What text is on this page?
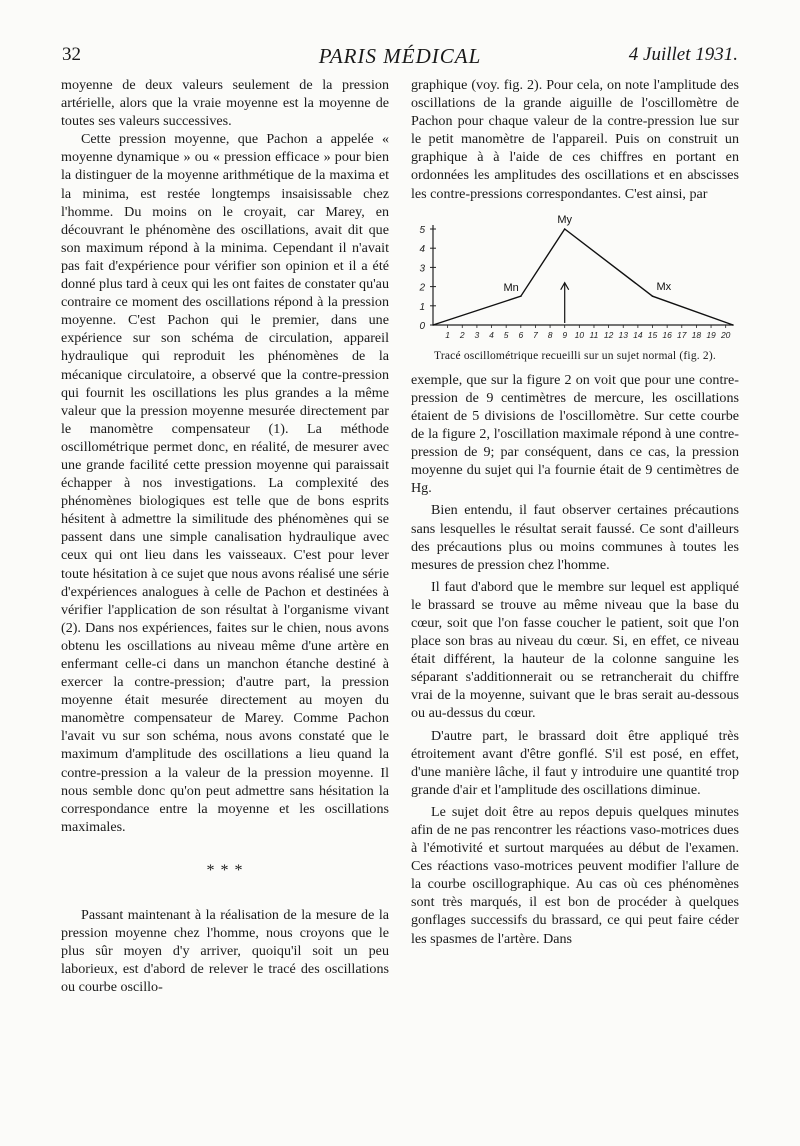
32	PARIS MÉDICAL	4 Juillet 1931.

moyenne de deux valeurs seulement de la pression artérielle, alors que la vraie moyenne est la moyenne de toutes ses valeurs successives.

Cette pression moyenne, que Pachon a appelée « moyenne dynamique » ou « pression efficace » pour bien la distinguer de la moyenne arithmétique de la maxima et la minima, est restée longtemps insaisissable chez l'homme. Du moins on le croyait, car Marey, en découvrant le phénomène des oscillations, avait dit que son maximum répond à la minima. Cependant il n'avait pas fait d'expérience pour vérifier son opinion et il a été donné plus tard à ceux qui les ont faites de constater qu'au contraire ce moment des oscillations répond à la pression moyenne. C'est Pachon qui le premier, dans une expérience sur son schéma de circulation, appareil hydraulique qui reproduit les phénomènes de la mécanique circulatoire, a observé que la contre-pression qui fournit les oscillations les plus grandes a la même valeur que la pression moyenne mesurée directement par le manomètre compensateur (1). La méthode oscillométrique permet donc, en réalité, de mesurer avec une grande facilité cette pression moyenne qui paraissait échapper à nos investigations. La complexité des phénomènes biologiques est telle que de bons esprits hésitent à admettre la similitude des phénomènes qui se passent dans une simple canalisation hydraulique avec ceux qui ont lieu dans les vaisseaux. C'est pour lever toute hésitation à ce sujet que nous avons réalisé une série d'expériences analogues à celle de Pachon et destinées à vérifier l'application de son résultat à l'organisme vivant (2). Dans nos expériences, faites sur le chien, nous avons obtenu les oscillations au niveau même d'une artère en enfermant celle-ci dans un manchon étanche destiné à exercer la contre-pression; d'autre part, la pression moyenne était mesurée directement au moyen du manomètre compensateur de Marey. Comme Pachon l'avait vu sur son schéma, nous avons constaté que le maximum d'amplitude des oscillations a lieu quand la contre-pression a la valeur de la pression moyenne. Il nous semble donc qu'on peut admettre sans hésitation la correspondance entre la moyenne et les oscillations maximales.

* * *

Passant maintenant à la réalisation de la mesure de la pression moyenne chez l'homme, nous croyons que le plus sûr moyen d'y arriver, quoiqu'il soit un peu laborieux, est d'abord de relever le tracé des oscillations ou courbe oscillo-

graphique (voy. fig. 2). Pour cela, on note l'amplitude des oscillations de la grande aiguille de l'oscillomètre de Pachon pour chaque valeur de la contre-pression lue sur le petit manomètre de l'appareil. Puis on construit un graphique à à l'aide de ces chiffres en portant en ordonnées les amplitudes des oscillations et en abscisses les contre-pressions correspondantes. C'est ainsi, par

0
1
2
3
4
5
1 2 3 4 5 6 7 8 9 10 11 12 13 14 15 16 17 18 19 20
Mn
My
Mx
Tracé oscillométrique recueilli sur un sujet normal (fig. 2).

exemple, que sur la figure 2 on voit que pour une contre-pression de 9 centimètres de mercure, les oscillations étaient de 5 divisions de l'oscillomètre. Sur cette courbe de la figure 2, l'oscillation maximale répond à une contre-pression de 9; par conséquent, dans ce cas, la pression moyenne du sujet qui l'a fournie était de 9 centimètres de Hg.

Bien entendu, il faut observer certaines précautions sans lesquelles le résultat serait faussé. Ce sont d'ailleurs des précautions plus ou moins communes à toutes les mesures de pression chez l'homme.

Il faut d'abord que le membre sur lequel est appliqué le brassard se trouve au même niveau que la base du cœur, soit que l'on fasse coucher le patient, soit que l'on place son bras au niveau du cœur. Si, en effet, ce niveau était différent, la hauteur de la colonne sanguine les séparant s'additionnerait ou se retrancherait du chiffre vrai de la moyenne, suivant que le bras serait au-dessous ou au-dessus du cœur.

D'autre part, le brassard doit être appliqué très étroitement avant d'être gonflé. S'il est posé, en effet, d'une manière lâche, il faut y introduire une quantité trop grande d'air et l'amplitude des oscillations diminue.

Le sujet doit être au repos depuis quelques minutes afin de ne pas rencontrer les réactions vaso-motrices dues à l'émotivité et surtout marquées au début de l'examen. Ces réactions vaso-motrices peuvent modifier l'allure de la courbe oscillographique. Au cas où ces phénomènes sont très marqués, il est bon de procéder à quelques gonflages successifs du brassard, ce qui peut faire céder les spasmes de l'artère. Dans
